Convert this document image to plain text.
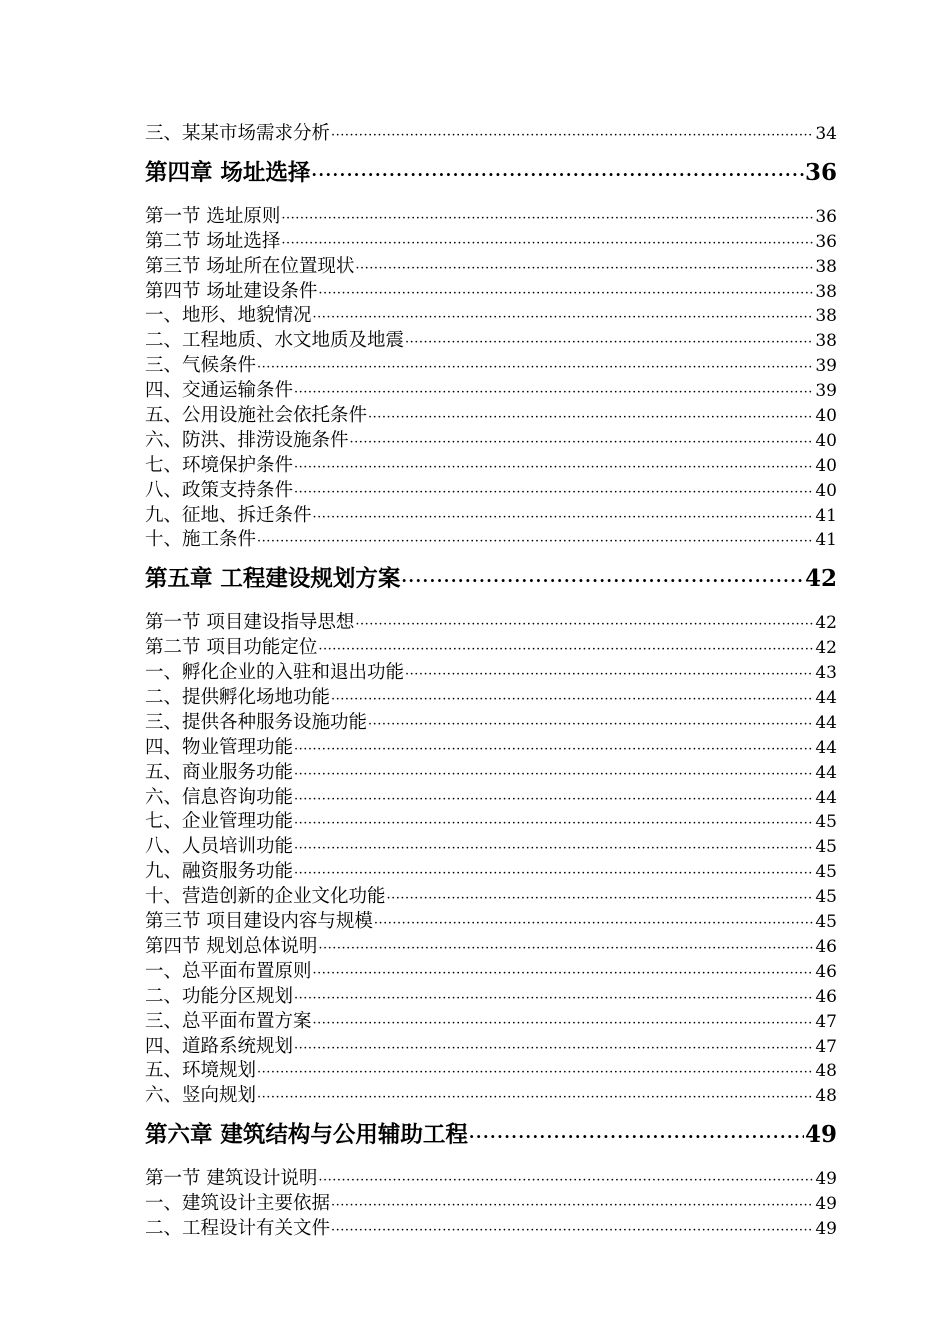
三、某某市场需求分析 ·····	34
第四章 场址选择 ·····	36
第一节 选址原则 ·····	36
第二节 场址选择 ·····	36
第三节 场址所在位置现状 ·····	38
第四节 场址建设条件 ·····	38
一、地形、地貌情况 ·····	38
二、工程地质、水文地质及地震 ·····	38
三、气候条件 ·····	39
四、交通运输条件 ·····	39
五、公用设施社会依托条件 ·····	40
六、防洪、排涝设施条件 ·····	40
七、环境保护条件 ·····	40
八、政策支持条件 ·····	40
九、征地、拆迁条件 ·····	41
十、施工条件 ·····	41
第五章 工程建设规划方案 ·····	42
第一节 项目建设指导思想 ·····	42
第二节 项目功能定位 ·····	42
一、孵化企业的入驻和退出功能 ·····	43
二、提供孵化场地功能 ·····	44
三、提供各种服务设施功能 ·····	44
四、物业管理功能 ·····	44
五、商业服务功能 ·····	44
六、信息咨询功能 ·····	44
七、企业管理功能 ·····	45
八、人员培训功能 ·····	45
九、融资服务功能 ·····	45
十、营造创新的企业文化功能 ·····	45
第三节 项目建设内容与规模 ·····	45
第四节 规划总体说明 ·····	46
一、总平面布置原则 ·····	46
二、功能分区规划 ·····	46
三、总平面布置方案 ·····	47
四、道路系统规划 ·····	47
五、环境规划 ·····	48
六、竖向规划 ·····	48
第六章 建筑结构与公用辅助工程 ·····	49
第一节 建筑设计说明 ·····	49
一、建筑设计主要依据 ·····	49
二、工程设计有关文件 ·····	49
